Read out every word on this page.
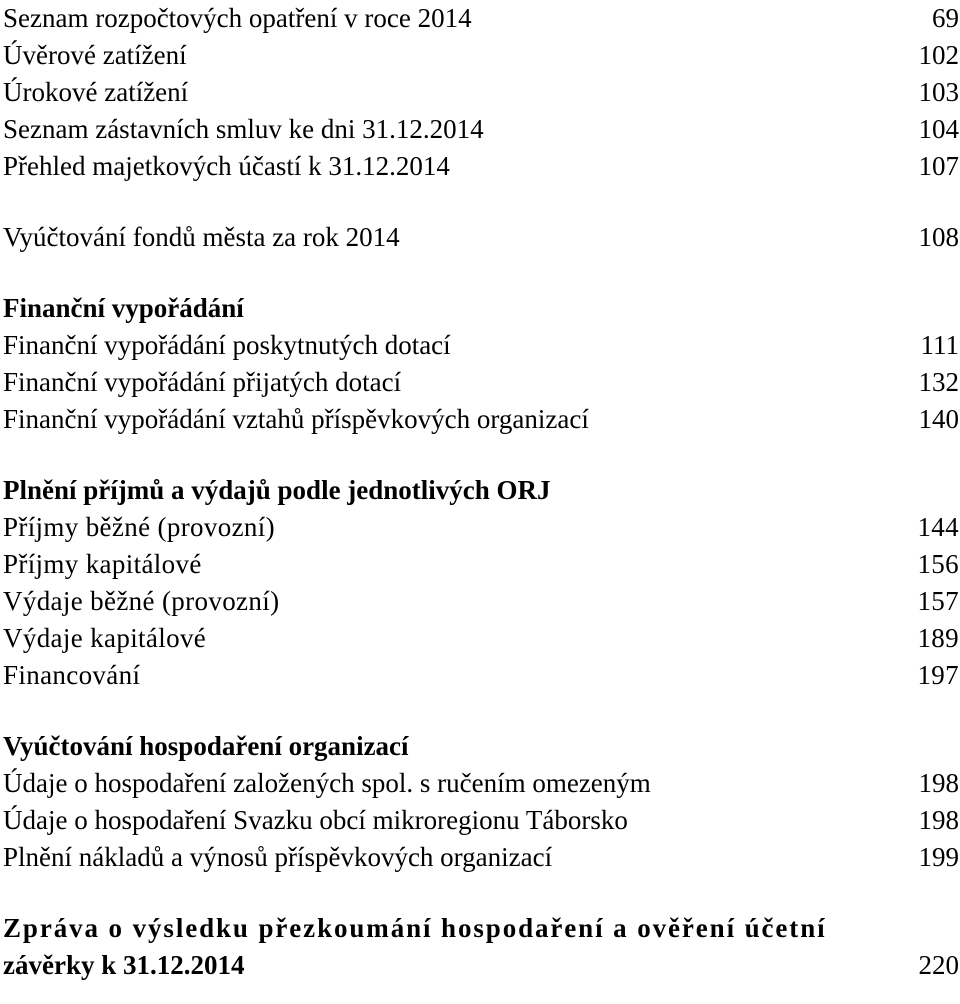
Seznam rozpočtových opatření v roce 2014	69
Úvěrové zatížení	102
Úrokové zatížení	103
Seznam zástavních smluv ke dni 31.12.2014	104
Přehled majetkových účastí k 31.12.2014	107
Vyúčtování fondů města za rok 2014	108
Finanční vypořádání
Finanční vypořádání poskytnutých dotací	111
Finanční vypořádání přijatých dotací	132
Finanční vypořádání vztahů příspěvkových organizací	140
Plnění příjmů a výdajů podle jednotlivých ORJ
Příjmy běžné (provozní)	144
Příjmy kapitálové	156
Výdaje běžné (provozní)	157
Výdaje kapitálové	189
Financování	197
Vyúčtování hospodaření organizací
Údaje o hospodaření založených spol. s ručením omezeným	198
Údaje o hospodaření Svazku obcí mikroregionu Táborsko	198
Plnění nákladů a výnosů příspěvkových organizací	199
Zpráva o výsledku přezkoumání hospodaření a ověření účetní
závěrky k 31.12.2014	220
